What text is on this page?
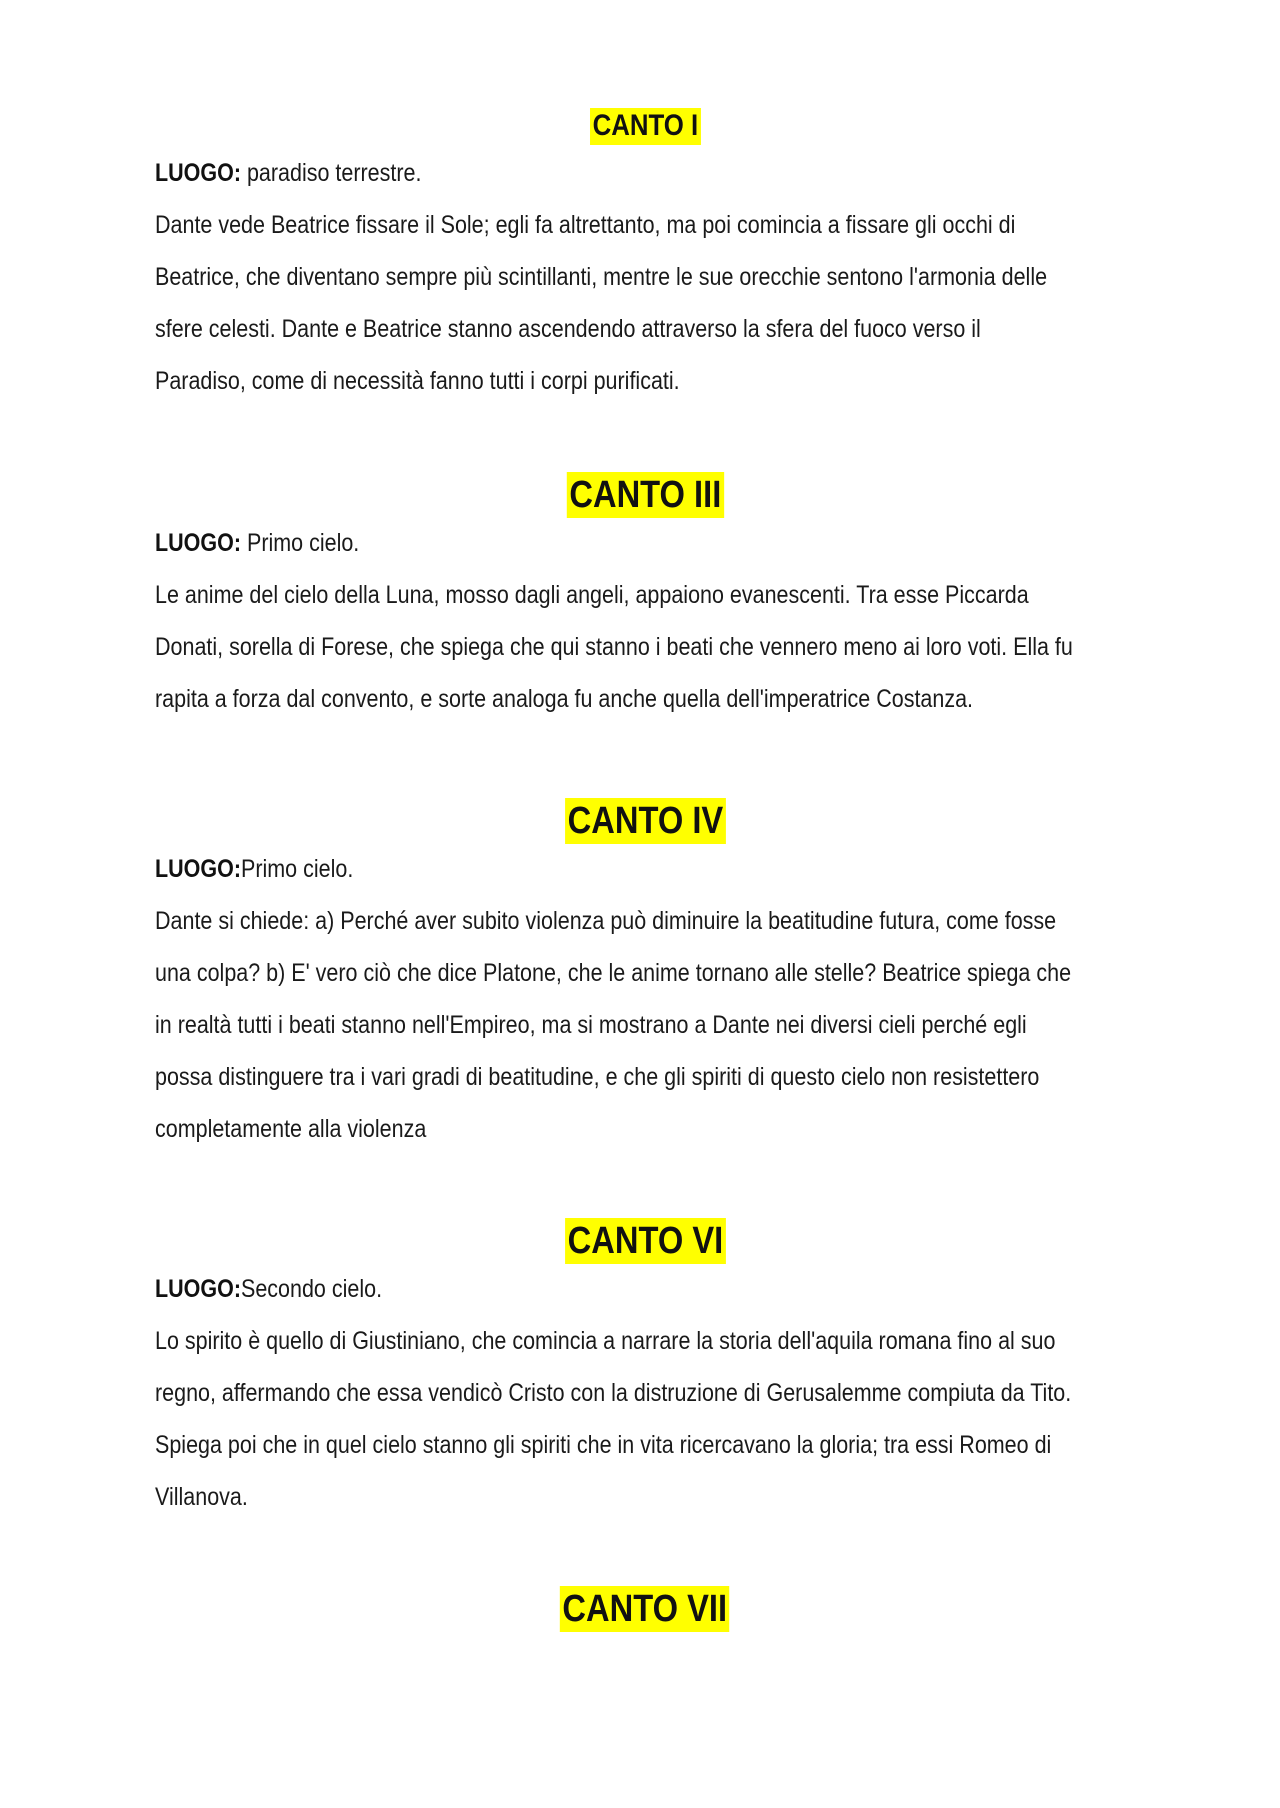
CANTO I
LUOGO: paradiso terrestre.
Dante vede Beatrice fissare il Sole; egli fa altrettanto, ma poi comincia a fissare gli occhi di
Beatrice, che diventano sempre più scintillanti, mentre le sue orecchie sentono l'armonia delle
sfere celesti. Dante e Beatrice stanno ascendendo attraverso la sfera del fuoco verso il
Paradiso, come di necessità fanno tutti i corpi purificati.
CANTO III
LUOGO: Primo cielo.
Le anime del cielo della Luna, mosso dagli angeli, appaiono evanescenti. Tra esse Piccarda
Donati, sorella di Forese, che spiega che qui stanno i beati che vennero meno ai loro voti. Ella fu
rapita a forza dal convento, e sorte analoga fu anche quella dell'imperatrice Costanza.
CANTO IV
LUOGO:Primo cielo.
Dante si chiede: a) Perché aver subito violenza può diminuire la beatitudine futura, come fosse
una colpa? b) E' vero ciò che dice Platone, che le anime tornano alle stelle? Beatrice spiega che
in realtà tutti i beati stanno nell'Empireo, ma si mostrano a Dante nei diversi cieli perché egli
possa distinguere tra i vari gradi di beatitudine, e che gli spiriti di questo cielo non resistettero
completamente alla violenza
CANTO VI
LUOGO:Secondo cielo.
Lo spirito è quello di Giustiniano, che comincia a narrare la storia dell'aquila romana fino al suo
regno, affermando che essa vendicò Cristo con la distruzione di Gerusalemme compiuta da Tito.
Spiega poi che in quel cielo stanno gli spiriti che in vita ricercavano la gloria; tra essi Romeo di
Villanova.
CANTO VII
